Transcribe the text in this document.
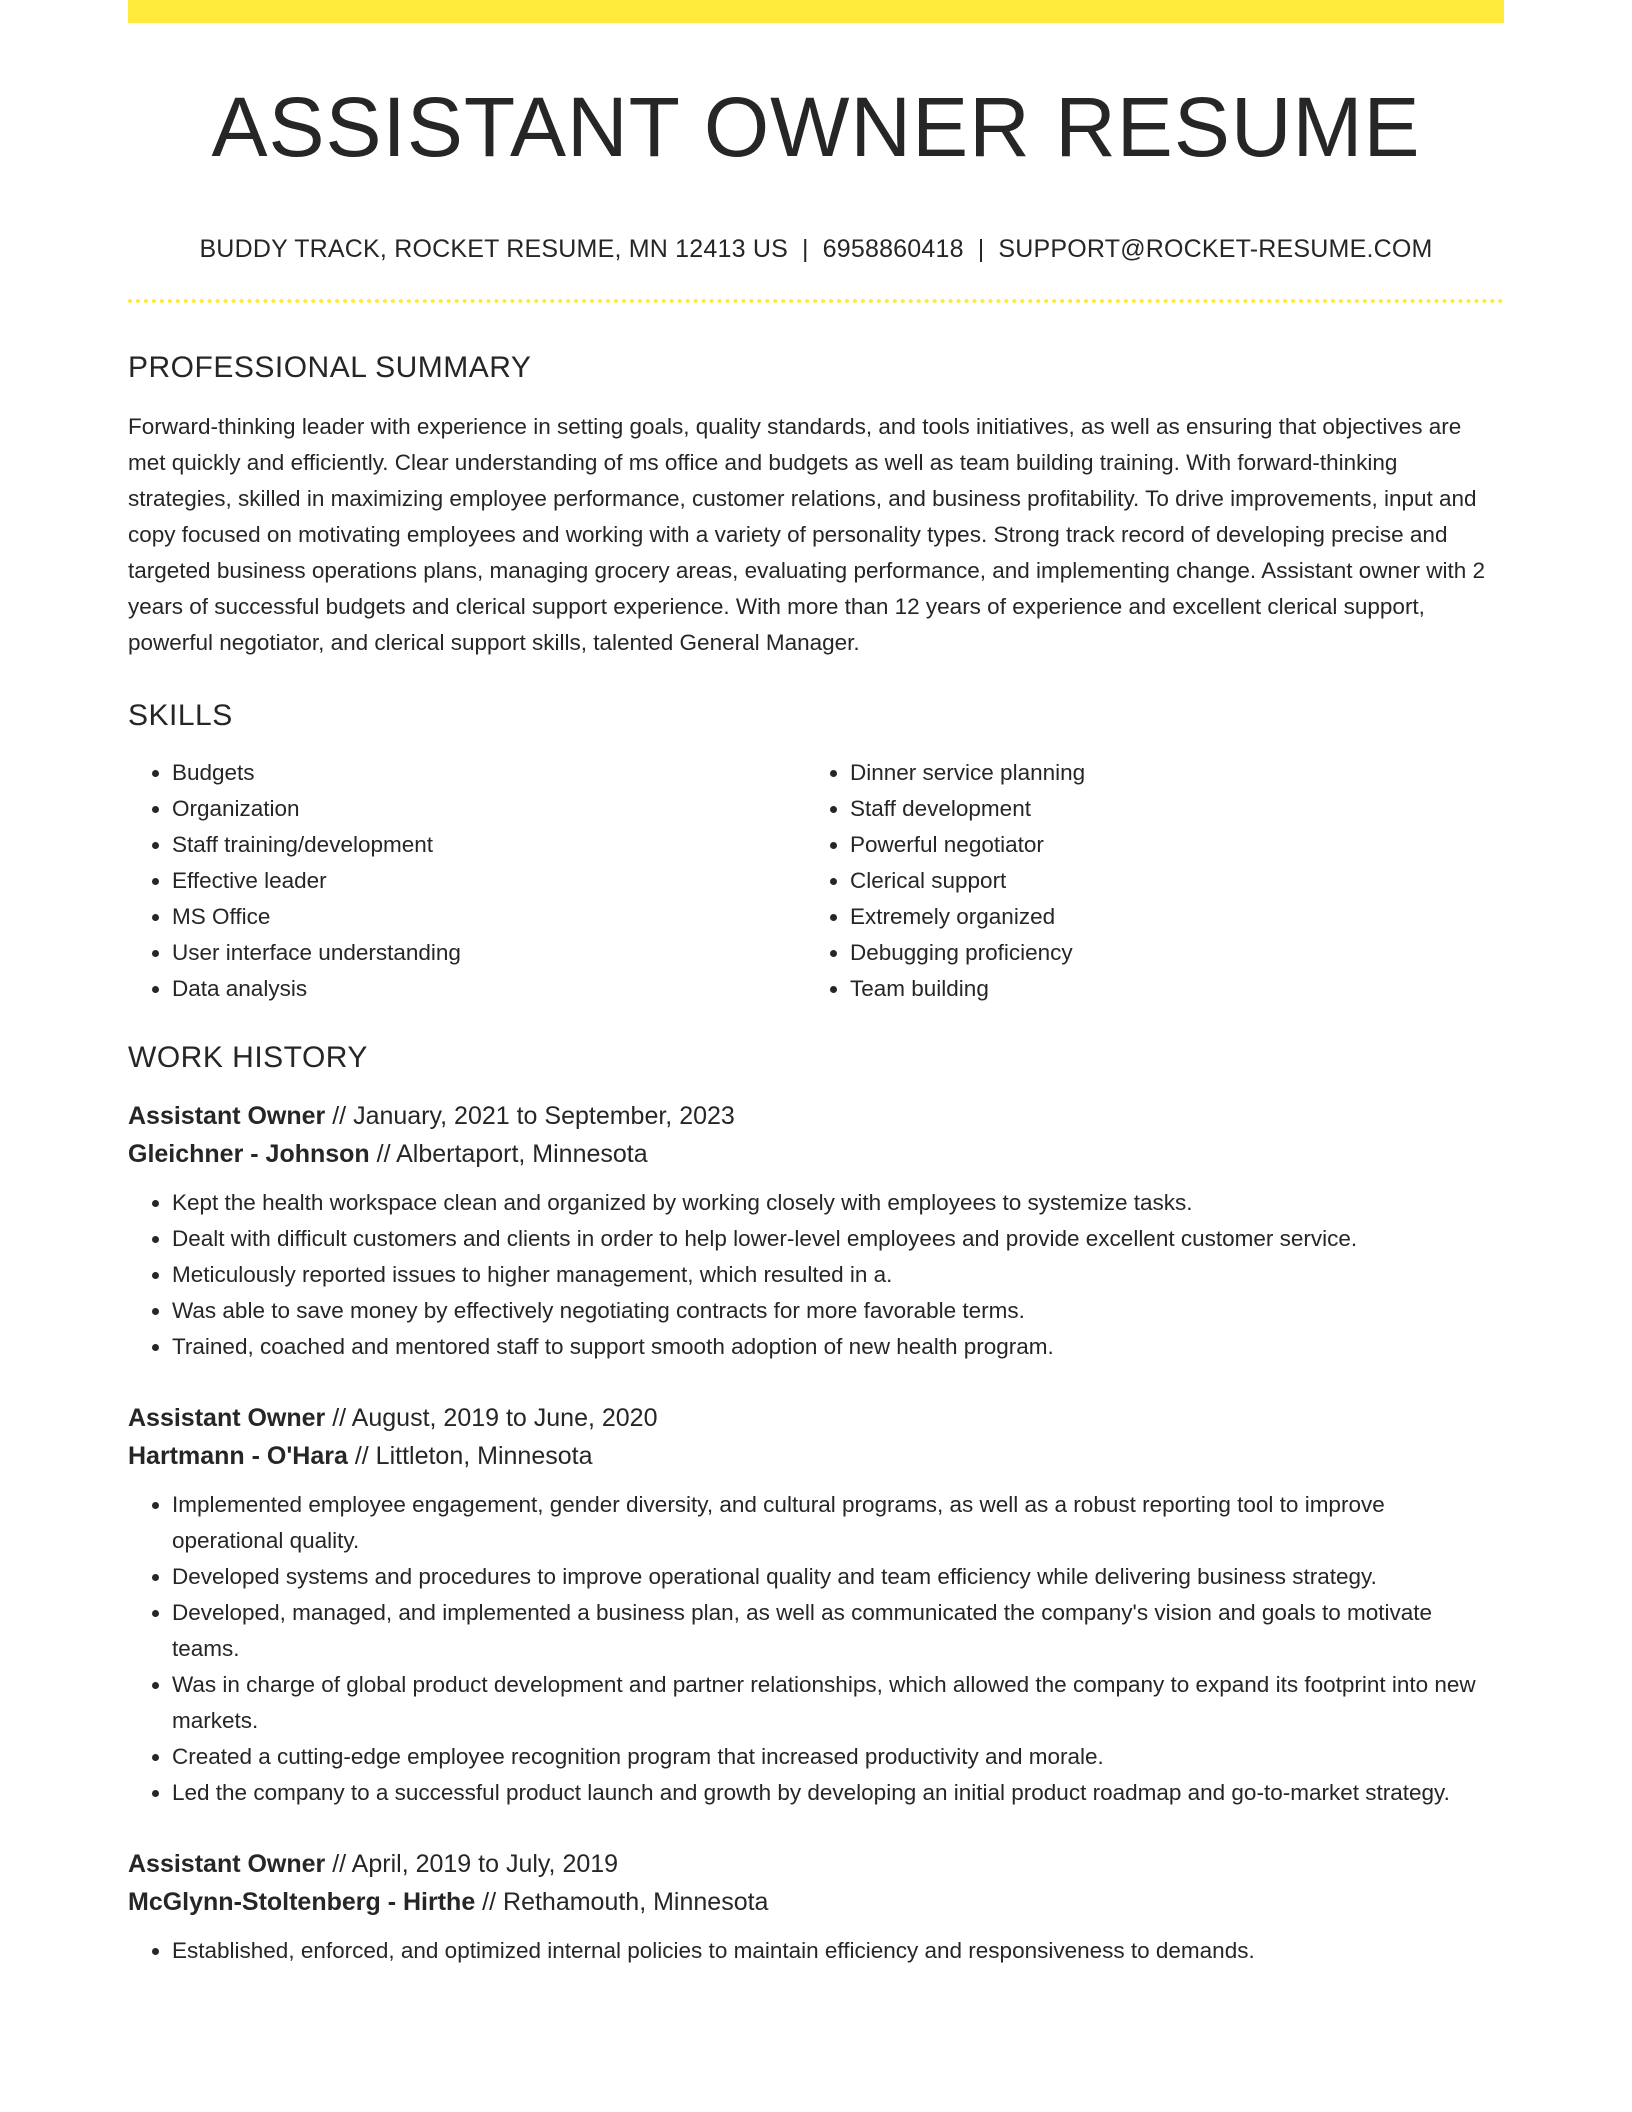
ASSISTANT OWNER RESUME
BUDDY TRACK, ROCKET RESUME, MN 12413 US | 6958860418 | SUPPORT@ROCKET-RESUME.COM
PROFESSIONAL SUMMARY

Forward-thinking leader with experience in setting goals, quality standards, and tools initiatives, as well as ensuring that objectives are met quickly and efficiently. Clear understanding of ms office and budgets as well as team building training. With forward-thinking strategies, skilled in maximizing employee performance, customer relations, and business profitability. To drive improvements, input and copy focused on motivating employees and working with a variety of personality types. Strong track record of developing precise and targeted business operations plans, managing grocery areas, evaluating performance, and implementing change. Assistant owner with 2 years of successful budgets and clerical support experience. With more than 12 years of experience and excellent clerical support, powerful negotiator, and clerical support skills, talented General Manager.

SKILLS
• Budgets
• Organization
• Staff training/development
• Effective leader
• MS Office
• User interface understanding
• Data analysis
• Dinner service planning
• Staff development
• Powerful negotiator
• Clerical support
• Extremely organized
• Debugging proficiency
• Team building
WORK HISTORY
Assistant Owner // January, 2021 to September, 2023
Gleichner - Johnson // Albertaport, Minnesota
• Kept the health workspace clean and organized by working closely with employees to systemize tasks.
• Dealt with difficult customers and clients in order to help lower-level employees and provide excellent customer service.
• Meticulously reported issues to higher management, which resulted in a.
• Was able to save money by effectively negotiating contracts for more favorable terms.
• Trained, coached and mentored staff to support smooth adoption of new health program.
Assistant Owner // August, 2019 to June, 2020
Hartmann - O'Hara // Littleton, Minnesota
• Implemented employee engagement, gender diversity, and cultural programs, as well as a robust reporting tool to improve operational quality.
• Developed systems and procedures to improve operational quality and team efficiency while delivering business strategy.
• Developed, managed, and implemented a business plan, as well as communicated the company's vision and goals to motivate teams.
• Was in charge of global product development and partner relationships, which allowed the company to expand its footprint into new markets.
• Created a cutting-edge employee recognition program that increased productivity and morale.
• Led the company to a successful product launch and growth by developing an initial product roadmap and go-to-market strategy.
Assistant Owner // April, 2019 to July, 2019
McGlynn-Stoltenberg - Hirthe // Rethamouth, Minnesota
• Established, enforced, and optimized internal policies to maintain efficiency and responsiveness to demands.
